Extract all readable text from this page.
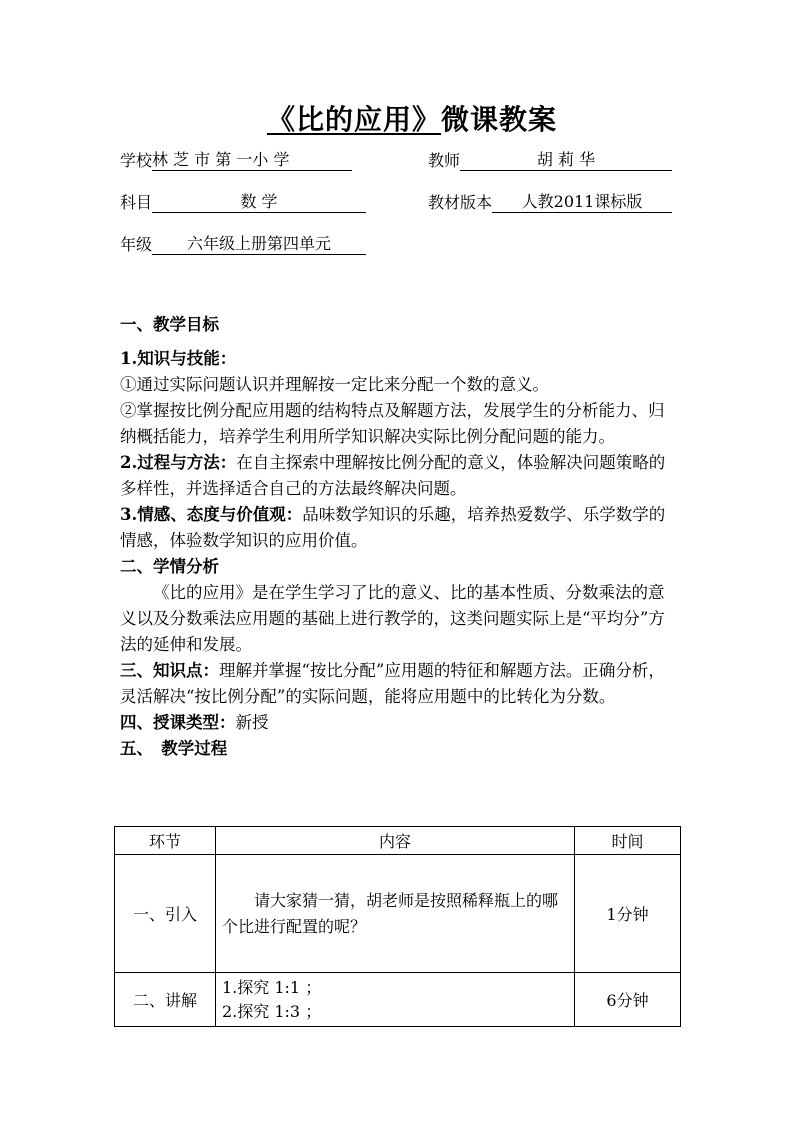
《比的应用》微课教案
学校林 芝 市 第 一小 学	教师	胡 莉 华
科目	数 学	教材版本 人教2011课标版
年级 六年级上册第四单元

一、教学目标

1.知识与技能：

①通过实际问题认识并理解按一定比来分配一个数的意义。

②掌握按比例分配应用题的结构特点及解题方法，发展学生的分析能力、归纳概括能力，培养学生利用所学知识解决实际比例分配问题的能力。

2.过程与方法：在自主探索中理解按比例分配的意义，体验解决问题策略的多样性，并选择适合自己的方法最终解决问题。

3.情感、态度与价值观：品味数学知识的乐趣，培养热爱数学、乐学数学的情感，体验数学知识的应用价值。

二、学情分析

《比的应用》是在学生学习了比的意义、比的基本性质、分数乘法的意义以及分数乘法应用题的基础上进行教学的，这类问题实际上是“平均分”方法的延伸和发展。

三、知识点：理解并掌握“按比分配”应用题的特征和解题方法。正确分析，灵活解决“按比例分配”的实际问题，能将应用题中的比转化为分数。

四、授课类型：新授

五、　教学过程

环节	内容	时间
一、引入	请大家猜一猜，胡老师是按照稀释瓶上的哪个比进行配置的呢？	1分钟
二、讲解	1.探究 1:1 ；
2.探究 1:3 ；	6分钟
